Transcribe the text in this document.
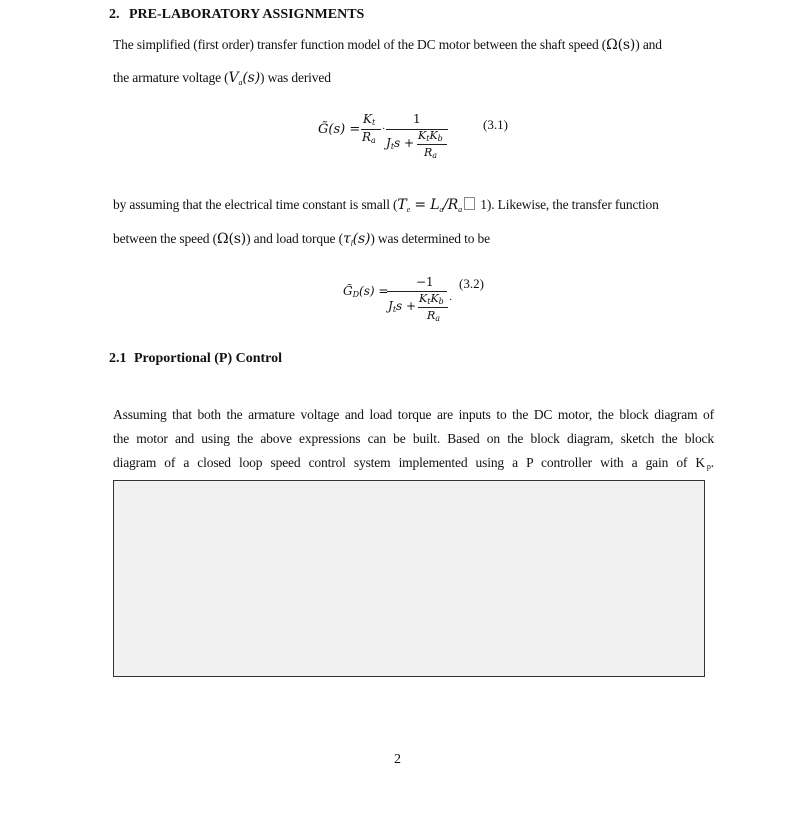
2. PRE-LABORATORY ASSIGNMENTS
The simplified (first order) transfer function model of the DC motor between the shaft speed (Ω(s)) and
the armature voltage $(V_a(s))$ was derived
G̃(s) =
$K_t$
$R_a$
·
1
$J_ts$ +
$K_tK_b$
$R_a$
(3.1)
by assuming that the electrical time constant is small ($T_e = L_a/R_a$ 1). Likewise, the transfer function
between the speed (Ω(s)) and load torque $(\tau_l(s))$ was determined to be
$G̃_D(s)$ =
−1
$J_ts$ +
$K_tK_b$
$R_a$
·
(3.2)
2.1 Proportional (P) Control
Assuming that both the armature voltage and load torque are inputs to the DC motor, the block diagram of
the motor and using the above expressions can be built. Based on the block diagram, sketch the block
diagram of a closed loop speed control system implemented using a P controller with a gain of K $_p$.
2
